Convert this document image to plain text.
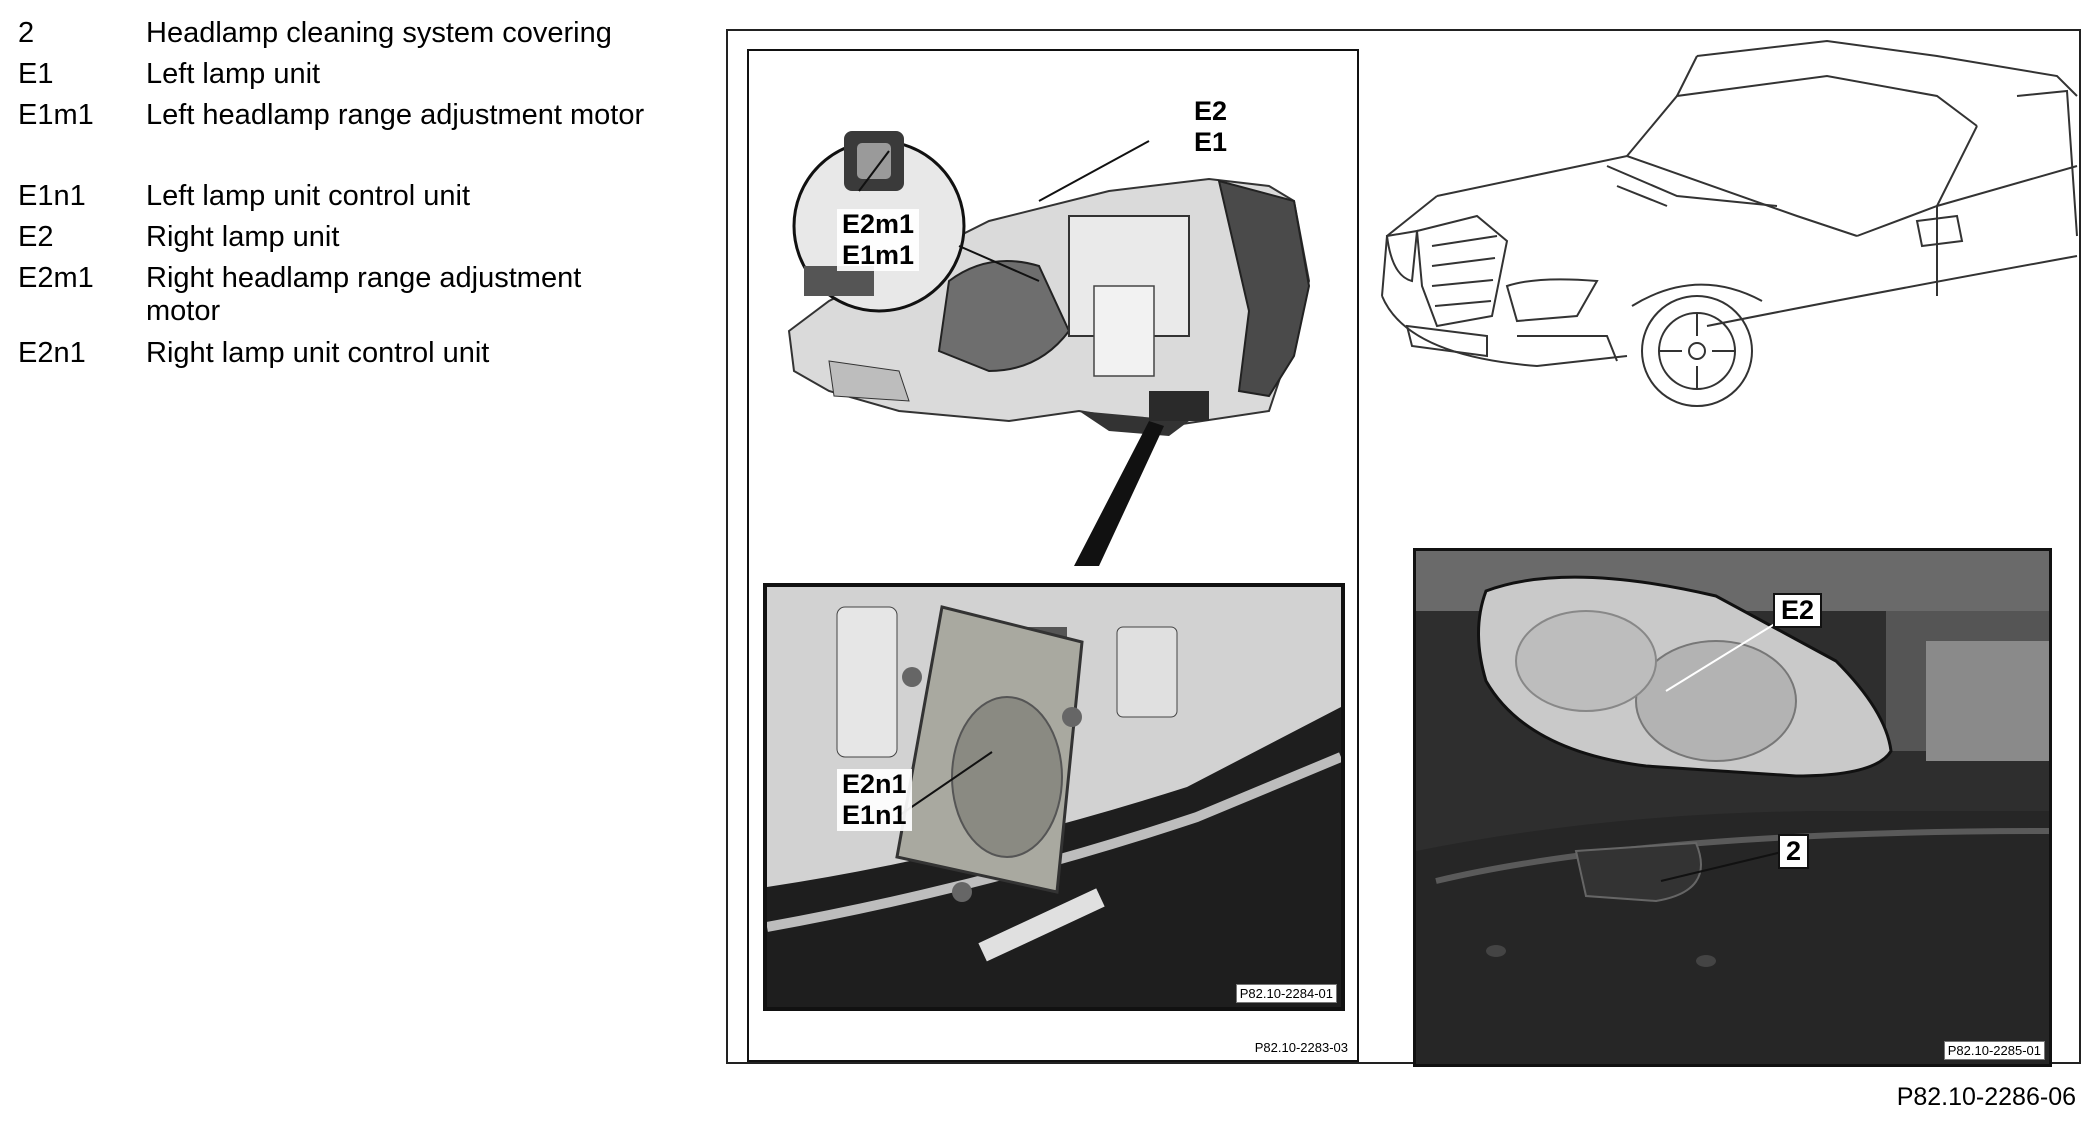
2	Headlamp cleaning system covering
E1	Left lamp unit
E1m1 Left headlamp range adjustment motor
E1n1 Left lamp unit control unit
E2	Right lamp unit
E2m1 Right headlamp range adjustment motor
E2n1 Right lamp unit control unit
E2
E1
E2m1
E1m1
E2n1
E1n1
P82.10-2284-01
P82.10-2283-03
E2
2
P82.10-2285-01
P82.10-2286-06
